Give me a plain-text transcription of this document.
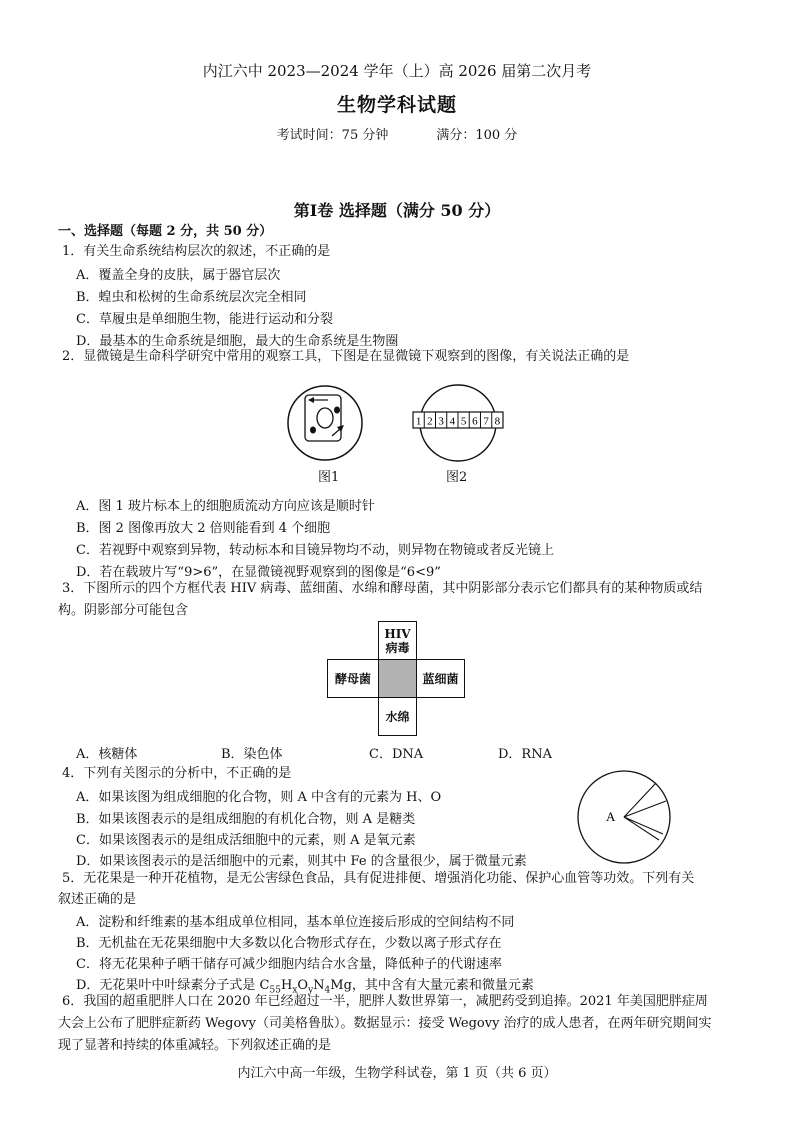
内江六中 2023—2024 学年（上）高 2026 届第二次月考
生物学科试题
考试时间：75 分钟	满分：100 分
第Ⅰ卷 选择题（满分 50 分）
一、选择题（每题 2 分，共 50 分）
1．有关生命系统结构层次的叙述，不正确的是
A．覆盖全身的皮肤，属于器官层次
B．蝗虫和松树的生命系统层次完全相同
C．草履虫是单细胞生物，能进行运动和分裂
D．最基本的生命系统是细胞，最大的生命系统是生物圈
2．显微镜是生命科学研究中常用的观察工具，下图是在显微镜下观察到的图像，有关说法正确的是
图1
1 2 3 4 5 6 7 8
图2
A．图 1 玻片标本上的细胞质流动方向应该是顺时针
B．图 2 图像再放大 2 倍则能看到 4 个细胞
C．若视野中观察到异物，转动标本和目镜异物均不动，则异物在物镜或者反光镜上
D．若在载玻片写“9>6”，在显微镜视野观察到的图像是“6<9”
3．下图所示的四个方框代表 HIV 病毒、蓝细菌、水绵和酵母菌，其中阴影部分表示它们都具有的某种物质或结
构。阴影部分可能包含
HIV
病毒
酵母菌	蓝细菌
水绵
A．核糖体	B．染色体	C．DNA	D．RNA
4．下列有关图示的分析中，不正确的是
A．如果该图为组成细胞的化合物，则 A 中含有的元素为 H、O
B．如果该图表示的是组成细胞的有机化合物，则 A 是糖类
C．如果该图表示的是组成活细胞中的元素，则 A 是氧元素
D．如果该图表示的是活细胞中的元素，则其中 Fe 的含量很少，属于微量元素
A
5．无花果是一种开花植物，是无公害绿色食品，具有促进排便、增强消化功能、保护心血管等功效。下列有关
叙述正确的是
A．淀粉和纤维素的基本组成单位相同，基本单位连接后形成的空间结构不同
B．无机盐在无花果细胞中大多数以化合物形式存在，少数以离子形式存在
C．将无花果种子晒干储存可减少细胞内结合水含量，降低种子的代谢速率
D．无花果叶中叶绿素分子式是 $C_{55}H_xO_yN_4Mg$，其中含有大量元素和微量元素
6．我国的超重肥胖人口在 2020 年已经超过一半，肥胖人数世界第一，减肥药受到追捧。2021 年美国肥胖症周
大会上公布了肥胖症新药 Wegovy（司美格鲁肽）。数据显示：接受 Wegovy 治疗的成人患者，在两年研究期间实
现了显著和持续的体重减轻。下列叙述正确的是
内江六中高一年级，生物学科试卷，第 1 页（共 6 页）
